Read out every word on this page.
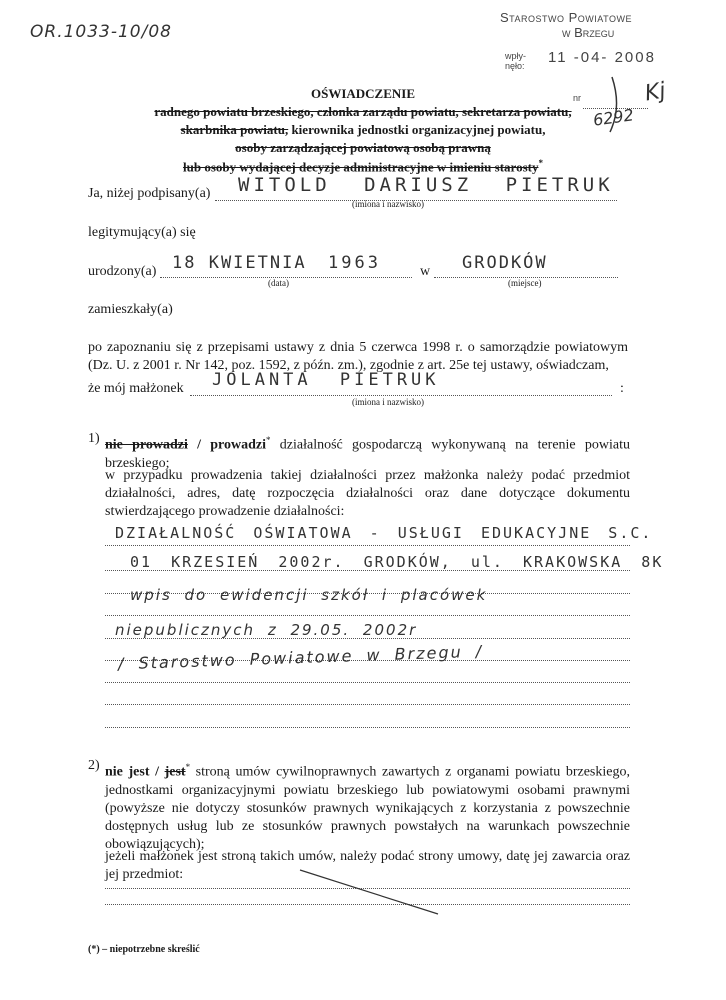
OR.1033-10/08
Starostwo Powiatowe
w Brzegu
wpły-
nęło: 11 -04- 2008
nr
6292
Kj
OŚWIADCZENIE
radnego powiatu brzeskiego, członka zarządu powiatu, sekretarza powiatu,
skarbnika powiatu, kierownika jednostki organizacyjnej powiatu,
osoby zarządzającej powiatową osobą prawną
lub osoby wydającej decyzje administracyjne w imieniu starosty*
Ja, niżej podpisany(a) WITOLD DARIUSZ PIETRUK
(imiona i nazwisko)
legitymujący(a) się
urodzony(a) 18 KWIETNIA 1963
(data)
w GRODKÓW
(miejsce)
zamieszkały(a)
po zapoznaniu się z przepisami ustawy z dnia 5 czerwca 1998 r. o samorządzie powiatowym (Dz. U. z 2001 r. Nr 142, poz. 1592, z późn. zm.), zgodnie z art. 25e tej ustawy, oświadczam,
że mój małżonek JOLANTA PIETRUK
(imiona i nazwisko)
:
1) nie prowadzi / prowadzi* działalność gospodarczą wykonywaną na terenie powiatu brzeskiego;
w przypadku prowadzenia takiej działalności przez małżonka należy podać przedmiot działalności, adres, datę rozpoczęcia działalności oraz dane dotyczące dokumentu stwierdzającego prowadzenie działalności:
DZIAŁALNOŚĆ OŚWIATOWA - USŁUGI EDUKACYJNE S.C.
01 KRZESIEŃ 2002r. GRODKÓW, ul. KRAKOWSKA 8K
wpis do ewidencji szkół i placówek
niepublicznych z 29.05. 2002r
/ Starostwo Powiatowe w Brzegu /
2) nie jest / jest* stroną umów cywilnoprawnych zawartych z organami powiatu brzeskiego, jednostkami organizacyjnymi powiatu brzeskiego lub powiatowymi osobami prawnymi (powyższe nie dotyczy stosunków prawnych wynikających z korzystania z powszechnie dostępnych usług lub ze stosunków prawnych powstałych na warunkach powszechnie obowiązujących);
jeżeli małżonek jest stroną takich umów, należy podać strony umowy, datę jej zawarcia oraz jej przedmiot:
(*) – niepotrzebne skreślić
